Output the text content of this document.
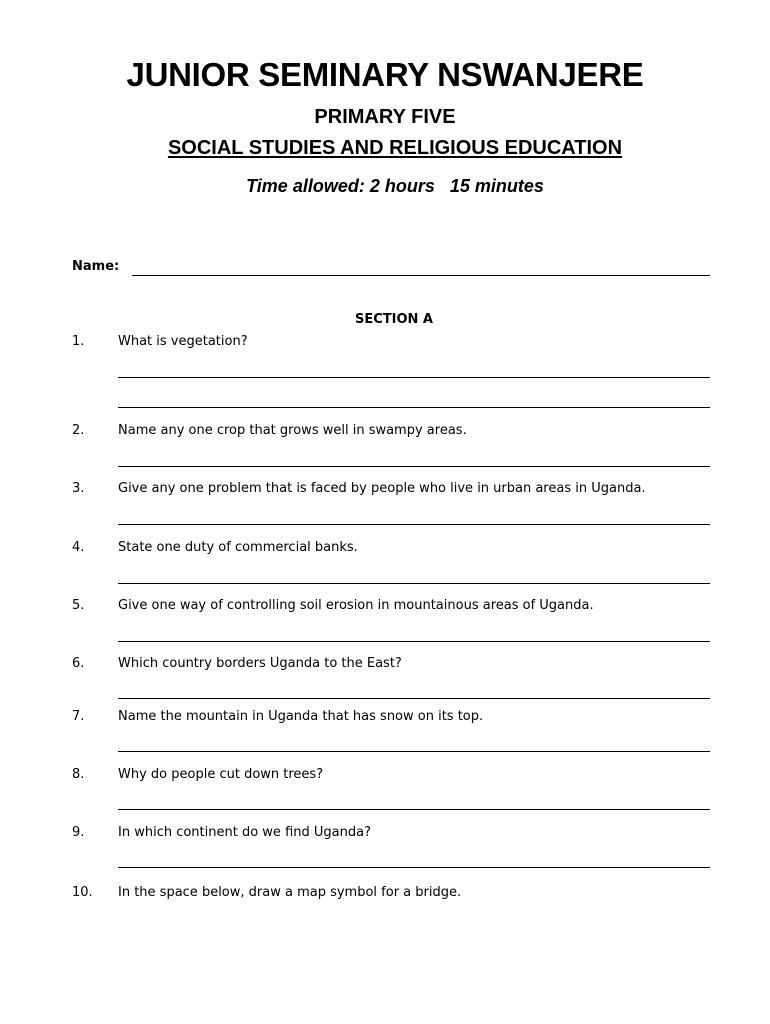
JUNIOR SEMINARY NSWANJERE
PRIMARY FIVE
SOCIAL STUDIES AND RELIGIOUS EDUCATION
Time allowed: 2 hours   15 minutes
Name:
SECTION A
1.	What is vegetation?
2.	Name any one crop that grows well in swampy areas.
3.	Give any one problem that is faced by people who live in urban areas in Uganda.
4.	State one duty of commercial banks.
5.	Give one way of controlling soil erosion in mountainous areas of Uganda.
6.	Which country borders Uganda to the East?
7.	Name the mountain in Uganda that has snow on its top.
8.	Why do people cut down trees?
9.	In which continent do we find Uganda?
10. In the space below, draw a map symbol for a bridge.
